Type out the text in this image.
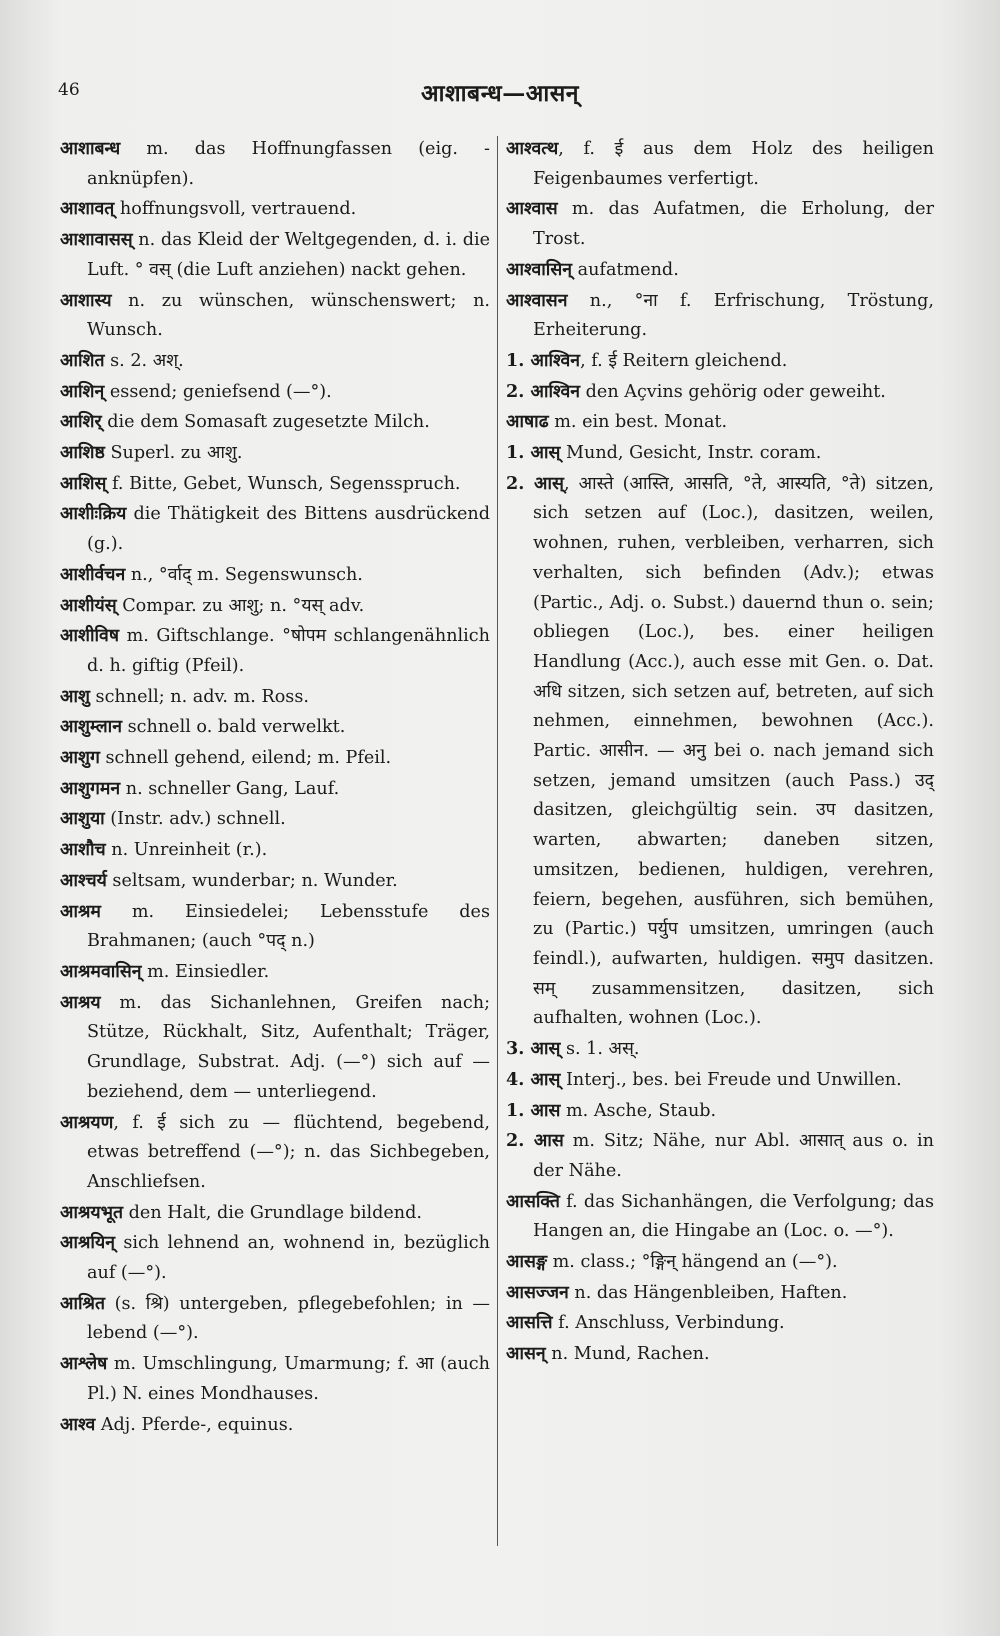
46	आशाबन्ध—आसन्

आशाबन्ध m. das Hoffnungfassen (eig. -anknüpfen).

आशावत् hoffnungsvoll, vertrauend.

आशावासस् n. das Kleid der Weltgegenden, d. i. die Luft. ° वस् (die Luft anziehen) nackt gehen.

आशास्य n. zu wünschen, wünschenswert; n. Wunsch.

आशित s. 2. अश्.

आशिन् essend; geniefsend (—°).

आशिर् die dem Somasaft zugesetzte Milch.

आशिष्ठ Superl. zu आशु.

आशिस् f. Bitte, Gebet, Wunsch, Segensspruch.

आशीःक्रिय die Thätigkeit des Bittens ausdrückend (g.).

आशीर्वचन n., °र्वाद् m. Segenswunsch.

आशीयंस् Compar. zu आशु; n. °यस् adv.

आशीविष m. Giftschlange. °षोपम schlangenähnlich d. h. giftig (Pfeil).

आशु schnell; n. adv. m. Ross.

आशुम्लान schnell o. bald verwelkt.

आशुग schnell gehend, eilend; m. Pfeil.

आशुगमन n. schneller Gang, Lauf.

आशुया (Instr. adv.) schnell.

आशौच n. Unreinheit (r.).

आश्चर्य seltsam, wunderbar; n. Wunder.

आश्रम m. Einsiedelei; Lebensstufe des Brahmanen; (auch °पद् n.)

आश्रमवासिन् m. Einsiedler.

आश्रय m. das Sichanlehnen, Greifen nach; Stütze, Rückhalt, Sitz, Aufenthalt; Träger, Grundlage, Substrat. Adj. (—°) sich auf — beziehend, dem — unterliegend.

आश्रयण, f. ई sich zu — flüchtend, begebend, etwas betreffend (—°); n. das Sichbegeben, Anschliefsen.

आश्रयभूत den Halt, die Grundlage bildend.

आश्रयिन् sich lehnend an, wohnend in, bezüglich auf (—°).

आश्रित (s. श्रि) untergeben, pflegebefohlen; in — lebend (—°).

आश्लेष m. Umschlingung, Umarmung; f. आ (auch Pl.) N. eines Mondhauses.

आश्व Adj. Pferde-, equinus.

आश्वत्थ, f. ई aus dem Holz des heiligen Feigenbaumes verfertigt.

आश्वास m. das Aufatmen, die Erholung, der Trost.

आश्वासिन् aufatmend.

आश्वासन n., °ना f. Erfrischung, Tröstung, Erheiterung.

1. आश्विन, f. ई Reitern gleichend.

2. आश्विन den Açvins gehörig oder geweiht.

आषाढ m. ein best. Monat.

1. आस् Mund, Gesicht, Instr. coram.

2. आस्, आस्ते (आस्ति, आसति, °ते, आस्यति, °ते) sitzen, sich setzen auf (Loc.), dasitzen, weilen, wohnen, ruhen, verbleiben, verharren, sich verhalten, sich befinden (Adv.); etwas (Partic., Adj. o. Subst.) dauernd thun o. sein; obliegen (Loc.), bes. einer heiligen Handlung (Acc.), auch esse mit Gen. o. Dat. अधि sitzen, sich setzen auf, betreten, auf sich nehmen, einnehmen, bewohnen (Acc.). Partic. आसीन. — अनु bei o. nach jemand sich setzen, jemand umsitzen (auch Pass.) उद् dasitzen, gleichgültig sein. उप dasitzen, warten, abwarten; daneben sitzen, umsitzen, bedienen, huldigen, verehren, feiern, begehen, ausführen, sich bemühen, zu (Partic.) पर्युप umsitzen, umringen (auch feindl.), aufwarten, huldigen. समुप dasitzen. सम् zusammensitzen, dasitzen, sich aufhalten, wohnen (Loc.).

3. आस् s. 1. अस्.

4. आस् Interj., bes. bei Freude und Unwillen.

1. आस m. Asche, Staub.

2. आस m. Sitz; Nähe, nur Abl. आसात् aus o. in der Nähe.

आसक्ति f. das Sichanhängen, die Verfolgung; das Hangen an, die Hingabe an (Loc. o. —°).

आसङ्ग m. class.; °ङ्गिन् hängend an (—°).

आसज्जन n. das Hängenbleiben, Haften.

आसत्ति f. Anschluss, Verbindung.

आसन् n. Mund, Rachen.
